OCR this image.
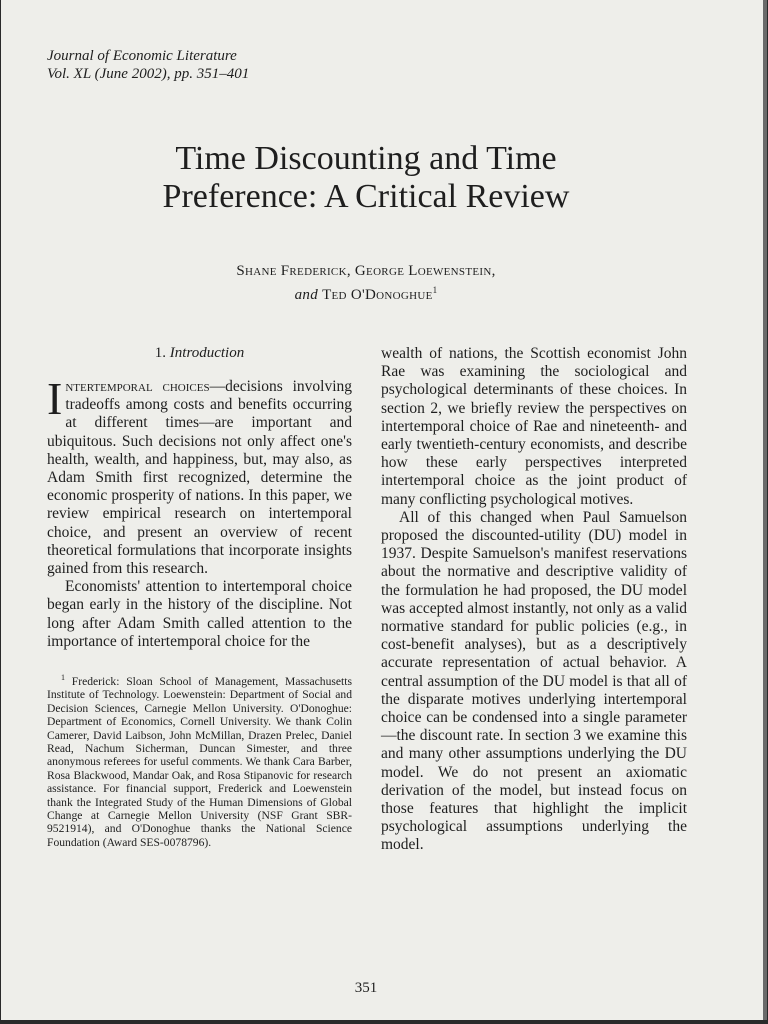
Journal of Economic Literature
Vol. XL (June 2002), pp. 351–401
Time Discounting and Time Preference: A Critical Review
Shane Frederick, George Loewenstein,
and Ted O'Donoghue$^1$
1. Introduction

Intertemporal choices—decisions involving tradeoffs among costs and benefits occurring at different times—are important and ubiquitous. Such decisions not only affect one's health, wealth, and happiness, but, may also, as Adam Smith first recognized, determine the economic prosperity of nations. In this paper, we review empirical research on intertemporal choice, and present an overview of recent theoretical formulations that incorporate insights gained from this research.

Economists' attention to intertemporal choice began early in the history of the discipline. Not long after Adam Smith called attention to the importance of intertemporal choice for the

$^1$ Frederick: Sloan School of Management, Massachusetts Institute of Technology. Loewenstein: Department of Social and Decision Sciences, Carnegie Mellon University. O'Donoghue: Department of Economics, Cornell University. We thank Colin Camerer, David Laibson, John McMillan, Drazen Prelec, Daniel Read, Nachum Sicherman, Duncan Simester, and three anonymous referees for useful comments. We thank Cara Barber, Rosa Blackwood, Mandar Oak, and Rosa Stipanovic for research assistance. For financial support, Frederick and Loewenstein thank the Integrated Study of the Human Dimensions of Global Change at Carnegie Mellon University (NSF Grant SBR-9521914), and O'Donoghue thanks the National Science Foundation (Award SES-0078796).

wealth of nations, the Scottish economist John Rae was examining the sociological and psychological determinants of these choices. In section 2, we briefly review the perspectives on intertemporal choice of Rae and nineteenth- and early twentieth-century economists, and describe how these early perspectives interpreted intertemporal choice as the joint product of many conflicting psychological motives.

All of this changed when Paul Samuelson proposed the discounted-utility (DU) model in 1937. Despite Samuelson's manifest reservations about the normative and descriptive validity of the formulation he had proposed, the DU model was accepted almost instantly, not only as a valid normative standard for public policies (e.g., in cost-benefit analyses), but as a descriptively accurate representation of actual behavior. A central assumption of the DU model is that all of the disparate motives underlying intertemporal choice can be condensed into a single parameter—the discount rate. In section 3 we examine this and many other assumptions underlying the DU model. We do not present an axiomatic derivation of the model, but instead focus on those features that highlight the implicit psychological assumptions underlying the model.

351
